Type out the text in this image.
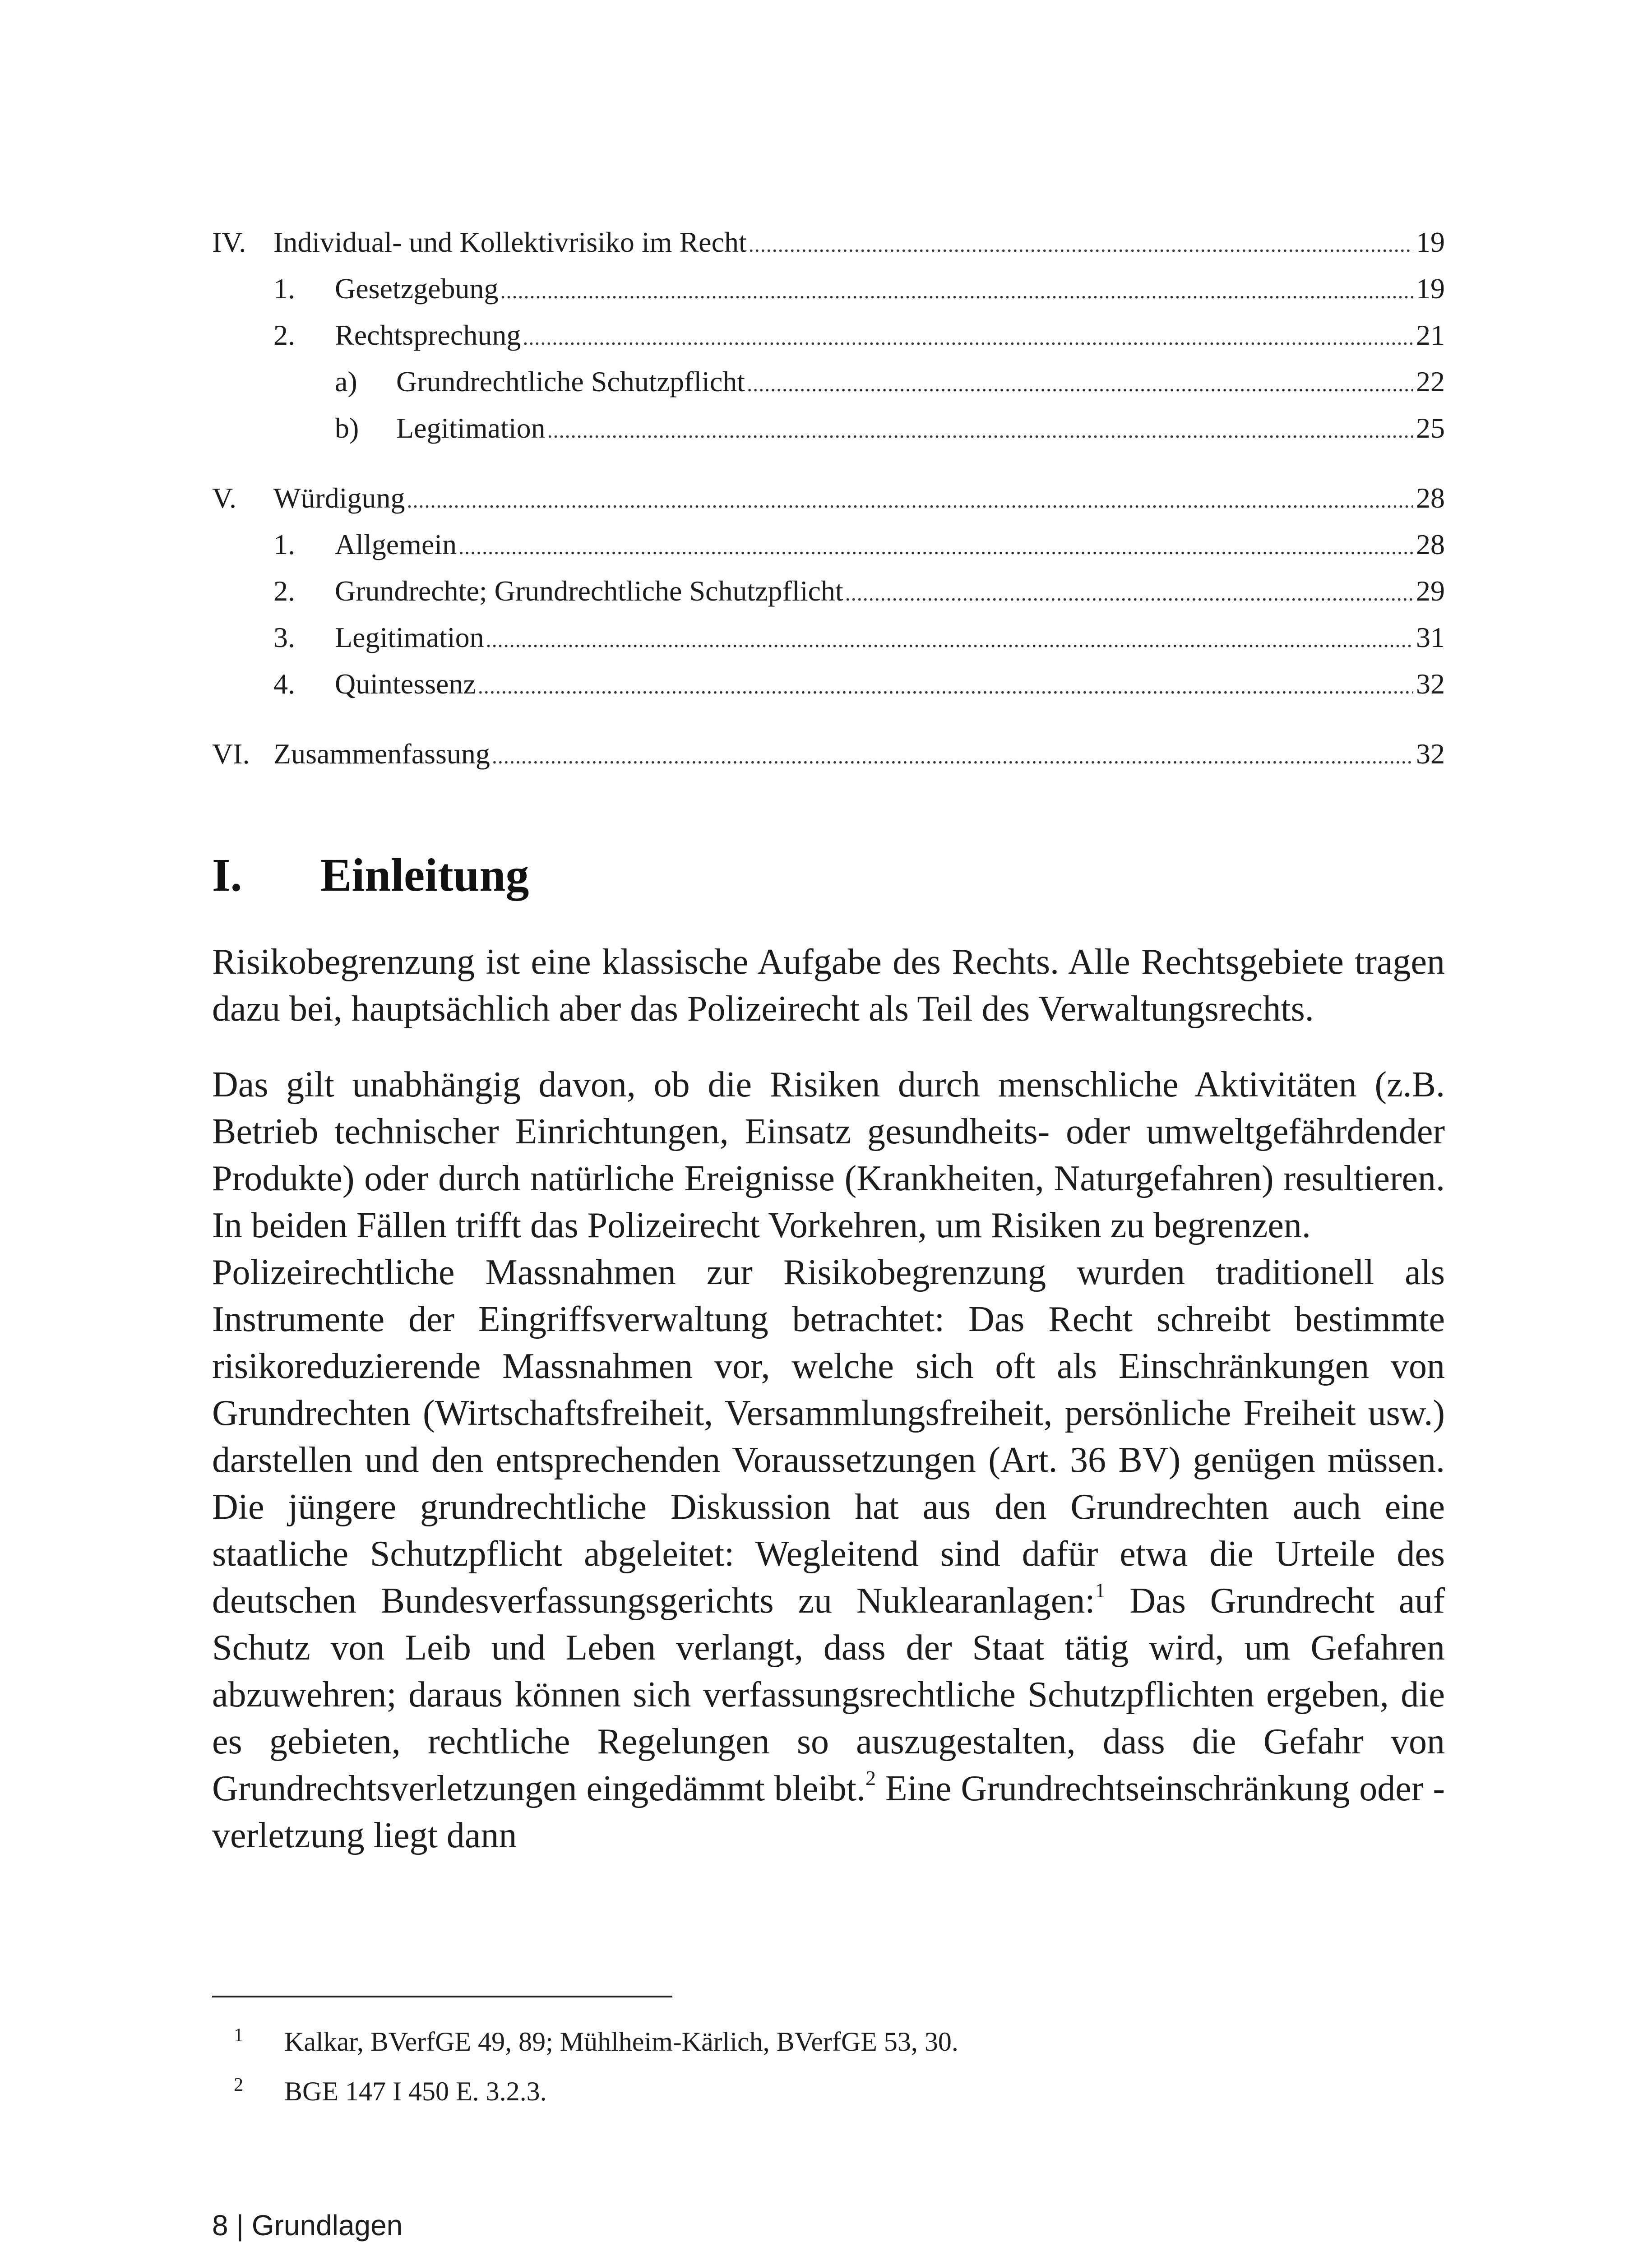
IV. Individual- und Kollektivrisiko im Recht .....	19
1.	Gesetzgebung .....	19
2.	Rechtsprechung .....	21
a)	Grundrechtliche Schutzpflicht .....	22
b)	Legitimation .....	25
V.	Würdigung .....	28
1.	Allgemein .....	28
2.	Grundrechte; Grundrechtliche Schutzpflicht .....	29
3.	Legitimation .....	31
4.	Quintessenz .....	32
VI. Zusammenfassung .....	32
I. Einleitung

Risikobegrenzung ist eine klassische Aufgabe des Rechts. Alle Rechtsgebiete tragen dazu bei, hauptsächlich aber das Polizeirecht als Teil des Verwaltungsrechts.

Das gilt unabhängig davon, ob die Risiken durch menschliche Aktivitäten (z.B. Betrieb technischer Einrichtungen, Einsatz gesundheits- oder umweltgefährdender Produkte) oder durch natürliche Ereignisse (Krankheiten, Naturgefahren) resultieren. In beiden Fällen trifft das Polizeirecht Vorkehren, um Risiken zu begrenzen.

Polizeirechtliche Massnahmen zur Risikobegrenzung wurden traditionell als Instrumente der Eingriffsverwaltung betrachtet: Das Recht schreibt bestimmte risikoreduzierende Massnahmen vor, welche sich oft als Einschränkungen von Grundrechten (Wirtschaftsfreiheit, Versammlungsfreiheit, persönliche Freiheit usw.) darstellen und den entsprechenden Voraussetzungen (Art. 36 BV) genügen müssen. Die jüngere grundrechtliche Diskussion hat aus den Grundrechten auch eine staatliche Schutzpflicht abgeleitet: Wegleitend sind dafür etwa die Urteile des deutschen Bundesverfassungsgerichts zu Nuklearanlagen:$^1$ Das Grundrecht auf Schutz von Leib und Leben verlangt, dass der Staat tätig wird, um Gefahren abzuwehren; daraus können sich verfassungsrechtliche Schutzpflichten ergeben, die es gebieten, rechtliche Regelungen so auszugestalten, dass die Gefahr von Grundrechtsverletzungen eingedämmt bleibt.$^2$ Eine Grundrechtseinschränkung oder -verletzung liegt dann

1	Kalkar, BVerfGE 49, 89; Mühlheim-Kärlich, BVerfGE 53, 30.
2	BGE 147 I 450 E. 3.2.3.
8 | Grundlagen
